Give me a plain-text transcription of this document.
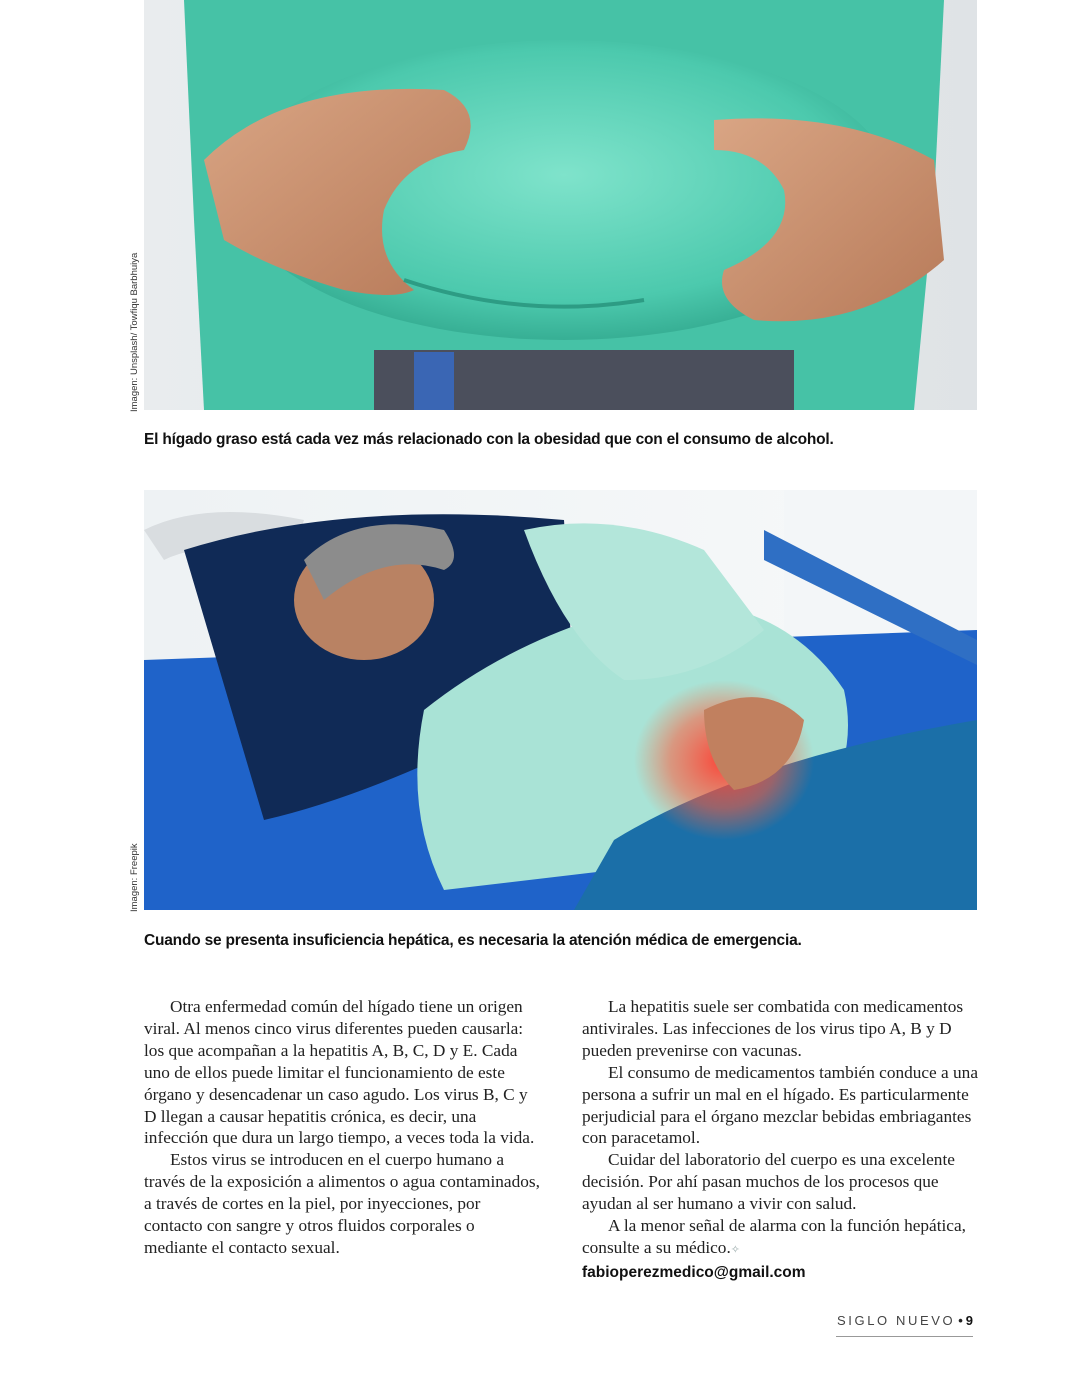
Imagen: Unsplash/ Towfiqu Barbhuiya
El hígado graso está cada vez más relacionado con la obesidad que con el consumo de alcohol.
Imagen: Freepik
Cuando se presenta insuficiencia hepática, es necesaria la atención médica de emergencia.

Otra enfermedad común del hígado tiene un origen viral. Al menos cinco virus diferentes pueden causarla: los que acompañan a la hepatitis A, B, C, D y E. Cada uno de ellos puede limitar el funcionamiento de este órgano y desencadenar un caso agudo. Los virus B, C y D llegan a causar hepatitis crónica, es decir, una infección que dura un largo tiempo, a veces toda la vida.

Estos virus se introducen en el cuerpo humano a través de la exposición a alimentos o agua contaminados, a través de cortes en la piel, por inyecciones, por contacto con sangre y otros fluidos corporales o mediante el contacto sexual.

La hepatitis suele ser combatida con medicamentos antivirales. Las infecciones de los virus tipo A, B y D pueden prevenirse con vacunas.

El consumo de medicamentos también conduce a una persona a sufrir un mal en el hígado. Es particularmente perjudicial para el órgano mezclar bebidas embriagantes con paracetamol.

Cuidar del laboratorio del cuerpo es una excelente decisión. Por ahí pasan muchos de los procesos que ayudan al ser humano a vivir con salud.

A la menor señal de alarma con la función hepática, consulte a su médico.✧

fabioperezmedico@gmail.com
SIGLO NUEVO • 9
